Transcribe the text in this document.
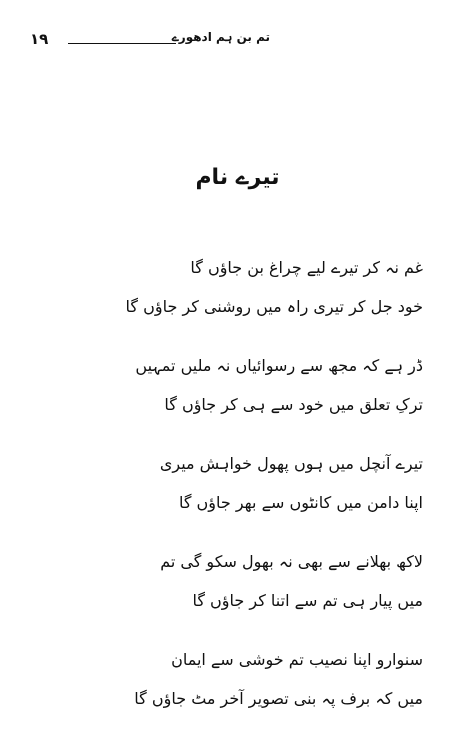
۱۹	تم بن ہم ادھورے
تیرے نام
غم نہ کر تیرے لیے چراغ بن جاؤں گا
خود جل کر تیری راہ میں روشنی کر جاؤں گا
ڈر ہے کہ مجھ سے رسوائیاں نہ ملیں تمہیں
ترکِ تعلق میں خود سے ہی کر جاؤں گا
تیرے آنچل میں ہوں پھول خواہش میری
اپنا دامن میں کانٹوں سے بھر جاؤں گا
لاکھ بھلانے سے بھی نہ بھول سکو گی تم
میں پیار ہی تم سے اتنا کر جاؤں گا
سنوارو اپنا نصیب تم خوشی سے ایمان
میں کہ برف پہ بنی تصویر آخر مٹ جاؤں گا
